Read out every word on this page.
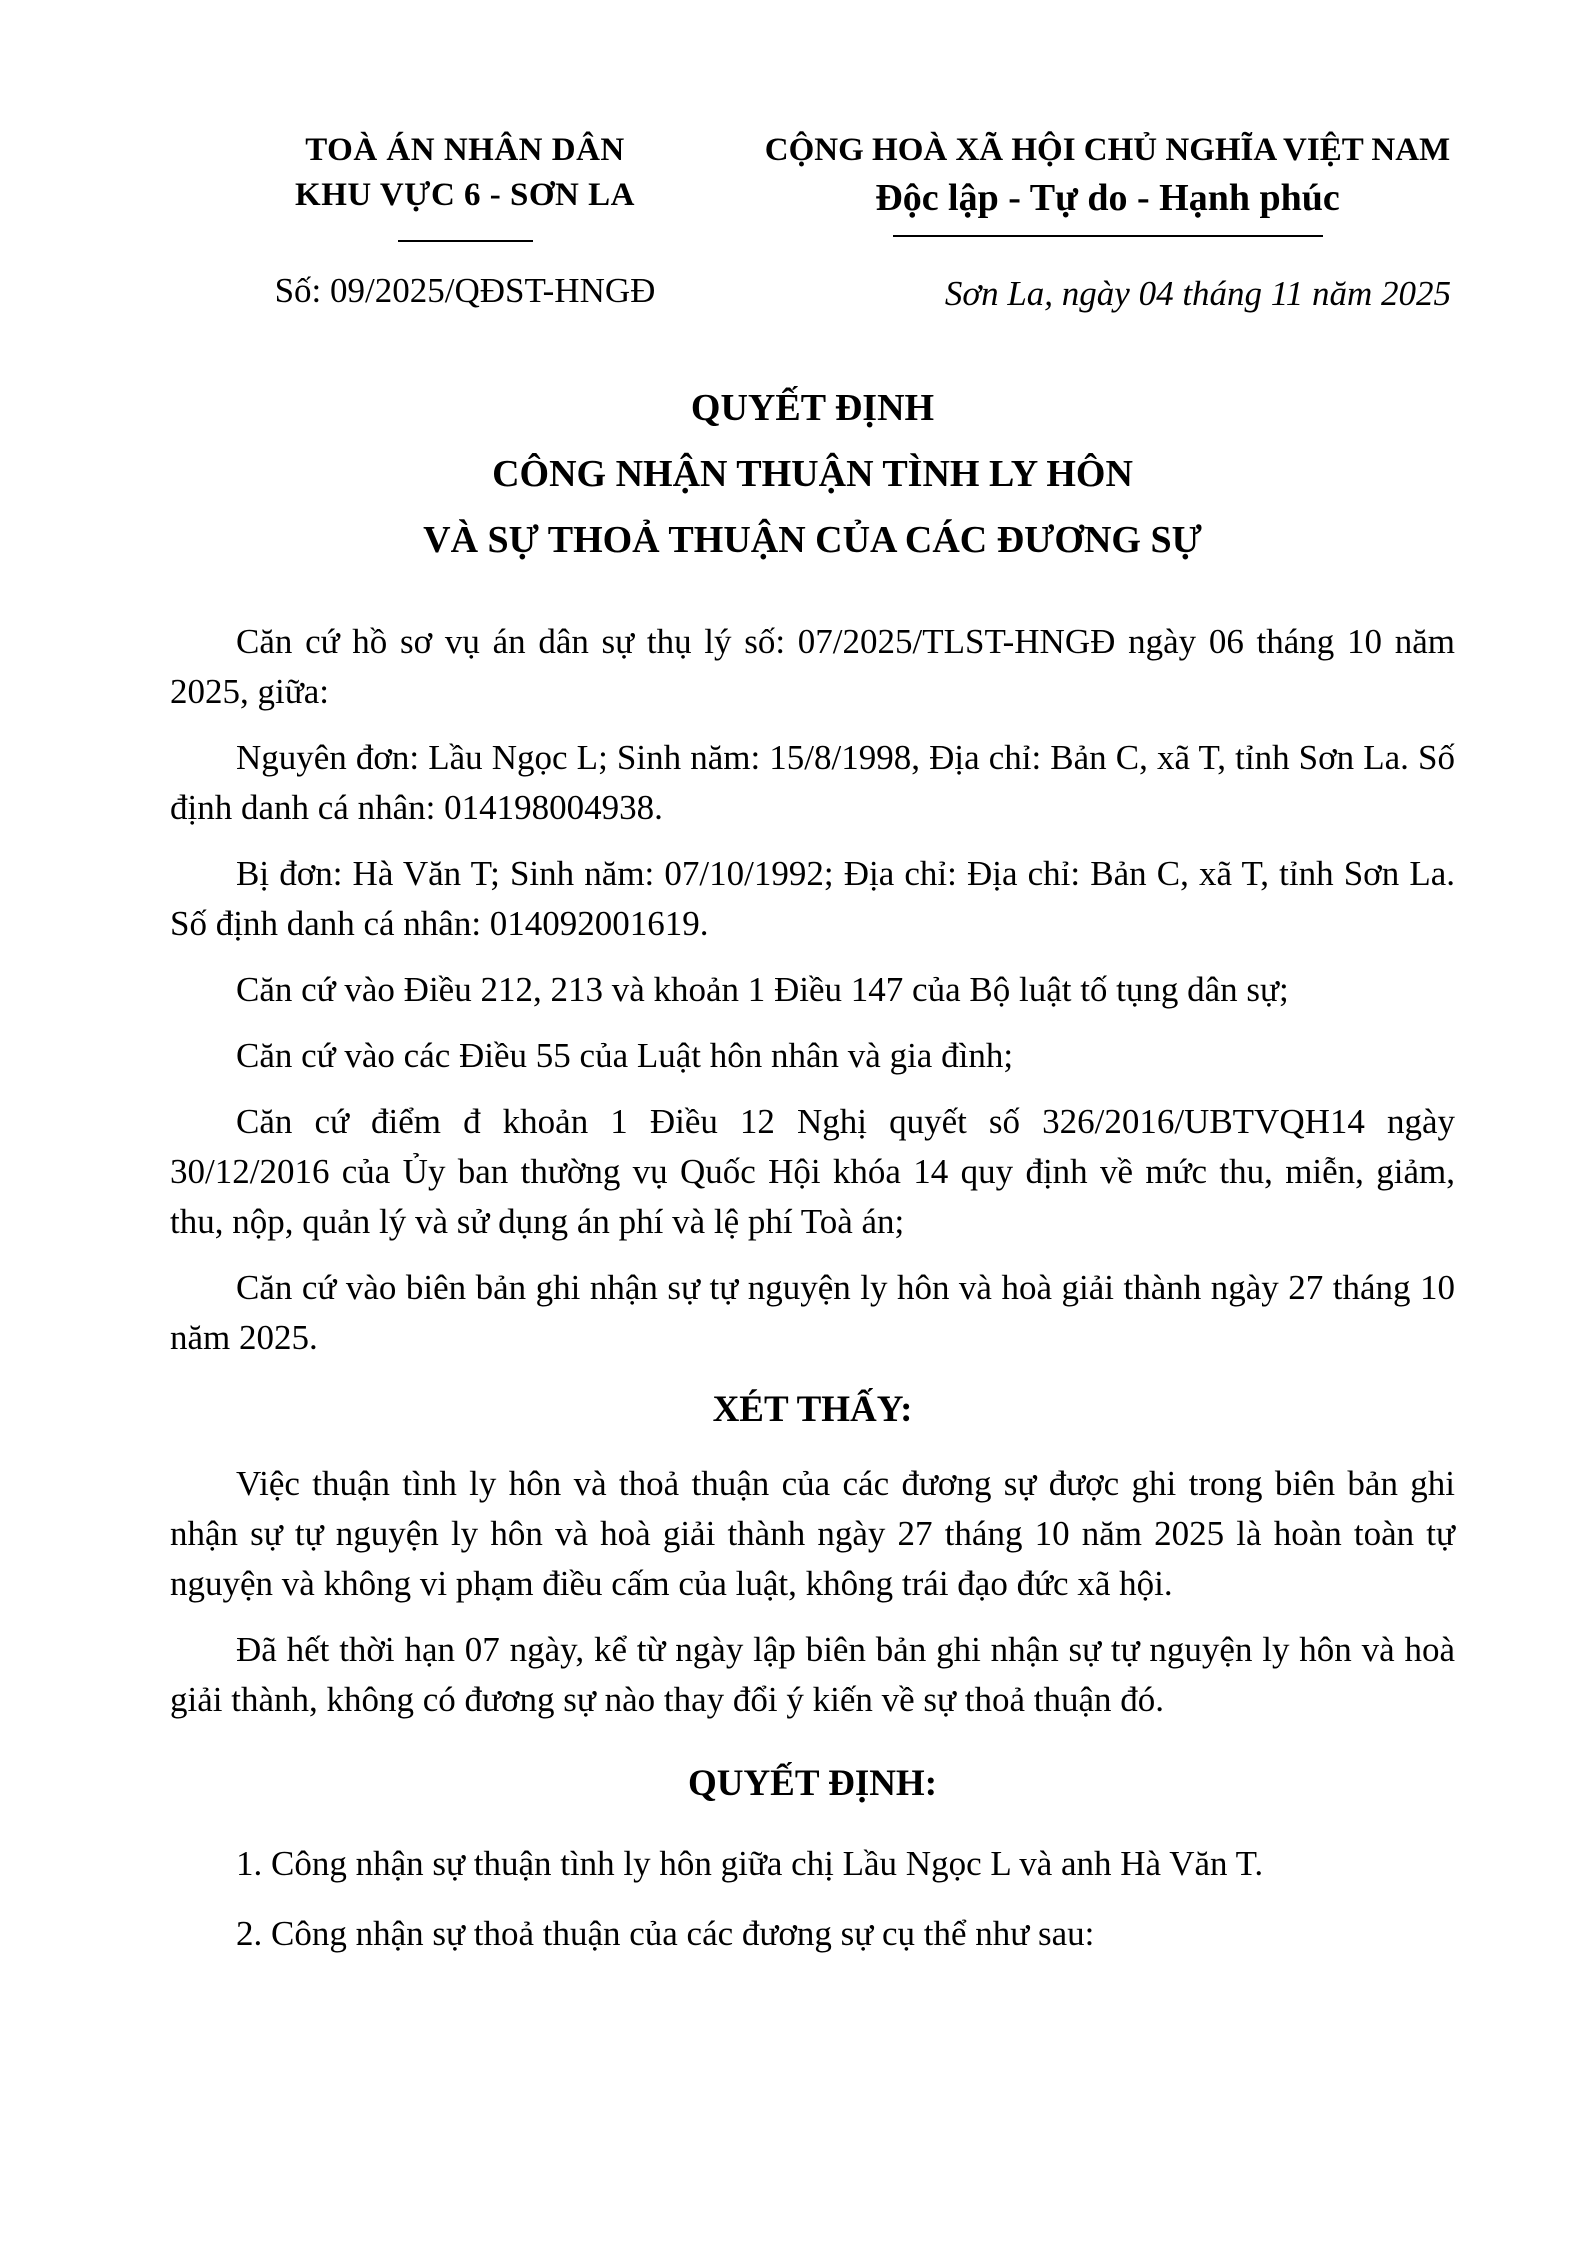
TOÀ ÁN NHÂN DÂN
KHU VỰC 6 - SƠN LA
Số: 09/2025/QĐST-HNGĐ
CỘNG HOÀ XÃ HỘI CHỦ NGHĨA VIỆT NAM
Độc lập - Tự do - Hạnh phúc
Sơn La, ngày 04 tháng 11 năm 2025
QUYẾT ĐỊNH
CÔNG NHẬN THUẬN TÌNH LY HÔN
VÀ SỰ THOẢ THUẬN CỦA CÁC ĐƯƠNG SỰ

Căn cứ hồ sơ vụ án dân sự thụ lý số: 07/2025/TLST-HNGĐ ngày 06 tháng 10 năm 2025, giữa:

Nguyên đơn: Lầu Ngọc L; Sinh năm: 15/8/1998, Địa chỉ: Bản C, xã T, tỉnh Sơn La. Số định danh cá nhân: 014198004938.

Bị đơn: Hà Văn T; Sinh năm: 07/10/1992; Địa chỉ: Địa chỉ: Bản C, xã T, tỉnh Sơn La. Số định danh cá nhân: 014092001619.

Căn cứ vào Điều 212, 213 và khoản 1 Điều 147 của Bộ luật tố tụng dân sự;

Căn cứ vào các Điều 55 của Luật hôn nhân và gia đình;

Căn cứ điểm đ khoản 1 Điều 12 Nghị quyết số 326/2016/UBTVQH14 ngày 30/12/2016 của Ủy ban thường vụ Quốc Hội khóa 14 quy định về mức thu, miễn, giảm, thu, nộp, quản lý và sử dụng án phí và lệ phí Toà án;

Căn cứ vào biên bản ghi nhận sự tự nguyện ly hôn và hoà giải thành ngày 27 tháng 10 năm 2025.

XÉT THẤY:

Việc thuận tình ly hôn và thoả thuận của các đương sự được ghi trong biên bản ghi nhận sự tự nguyện ly hôn và hoà giải thành ngày 27 tháng 10 năm 2025 là hoàn toàn tự nguyện và không vi phạm điều cấm của luật, không trái đạo đức xã hội.

Đã hết thời hạn 07 ngày, kể từ ngày lập biên bản ghi nhận sự tự nguyện ly hôn và hoà giải thành, không có đương sự nào thay đổi ý kiến về sự thoả thuận đó.

QUYẾT ĐỊNH:

1. Công nhận sự thuận tình ly hôn giữa chị Lầu Ngọc L và anh Hà Văn T.

2. Công nhận sự thoả thuận của các đương sự cụ thể như sau:
